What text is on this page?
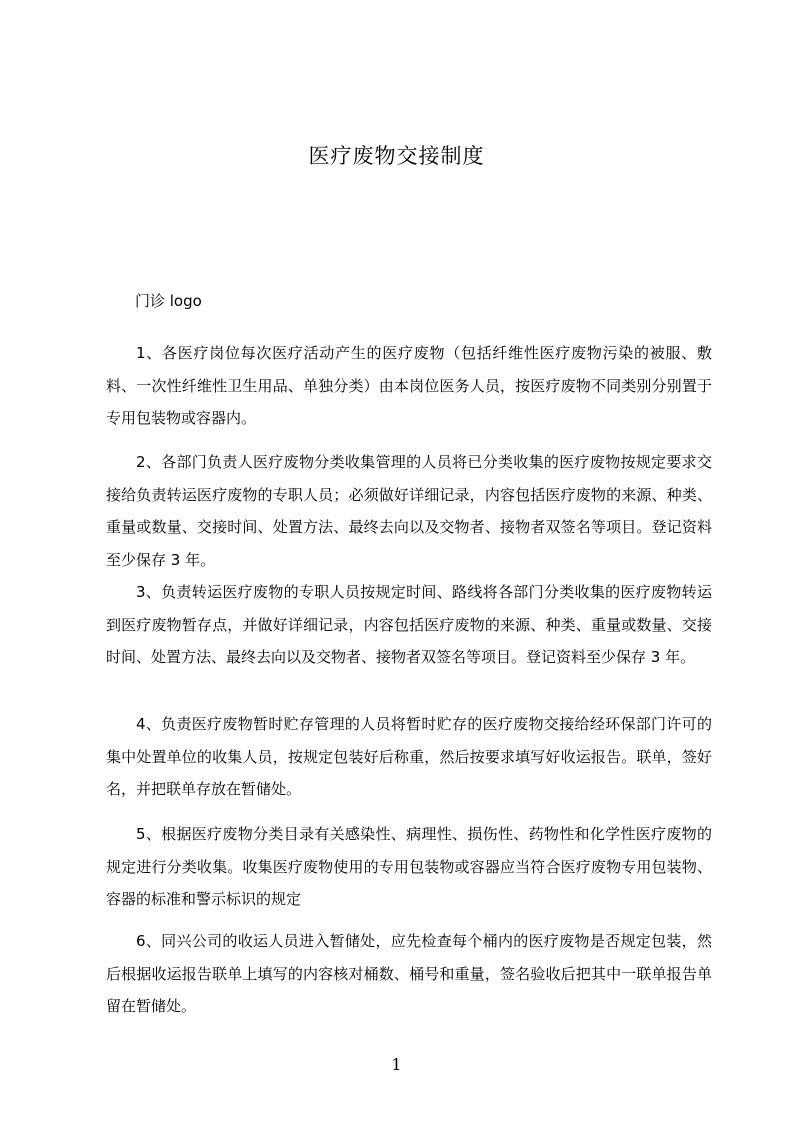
医疗废物交接制度
门诊 logo

1、各医疗岗位每次医疗活动产生的医疗废物（包括纤维性医疗废物污染的被服、敷料、一次性纤维性卫生用品、单独分类）由本岗位医务人员，按医疗废物不同类别分别置于专用包装物或容器内。

2、各部门负责人医疗废物分类收集管理的人员将已分类收集的医疗废物按规定要求交接给负责转运医疗废物的专职人员；必须做好详细记录，内容包括医疗废物的来源、种类、重量或数量、交接时间、处置方法、最终去向以及交物者、接物者双签名等项目。登记资料至少保存 3 年。

3、负责转运医疗废物的专职人员按规定时间、路线将各部门分类收集的医疗废物转运到医疗废物暂存点，并做好详细记录，内容包括医疗废物的来源、种类、重量或数量、交接时间、处置方法、最终去向以及交物者、接物者双签名等项目。登记资料至少保存 3 年。

4、负责医疗废物暂时贮存管理的人员将暂时贮存的医疗废物交接给经环保部门许可的集中处置单位的收集人员，按规定包装好后称重，然后按要求填写好收运报告。联单，签好名，并把联单存放在暂储处。

5、根据医疗废物分类目录有关感染性、病理性、损伤性、药物性和化学性医疗废物的规定进行分类收集。收集医疗废物使用的专用包装物或容器应当符合医疗废物专用包装物、容器的标准和警示标识的规定

6、同兴公司的收运人员进入暂储处，应先检查每个桶内的医疗废物是否规定包装，然后根据收运报告联单上填写的内容核对桶数、桶号和重量，签名验收后把其中一联单报告单留在暂储处。

1
